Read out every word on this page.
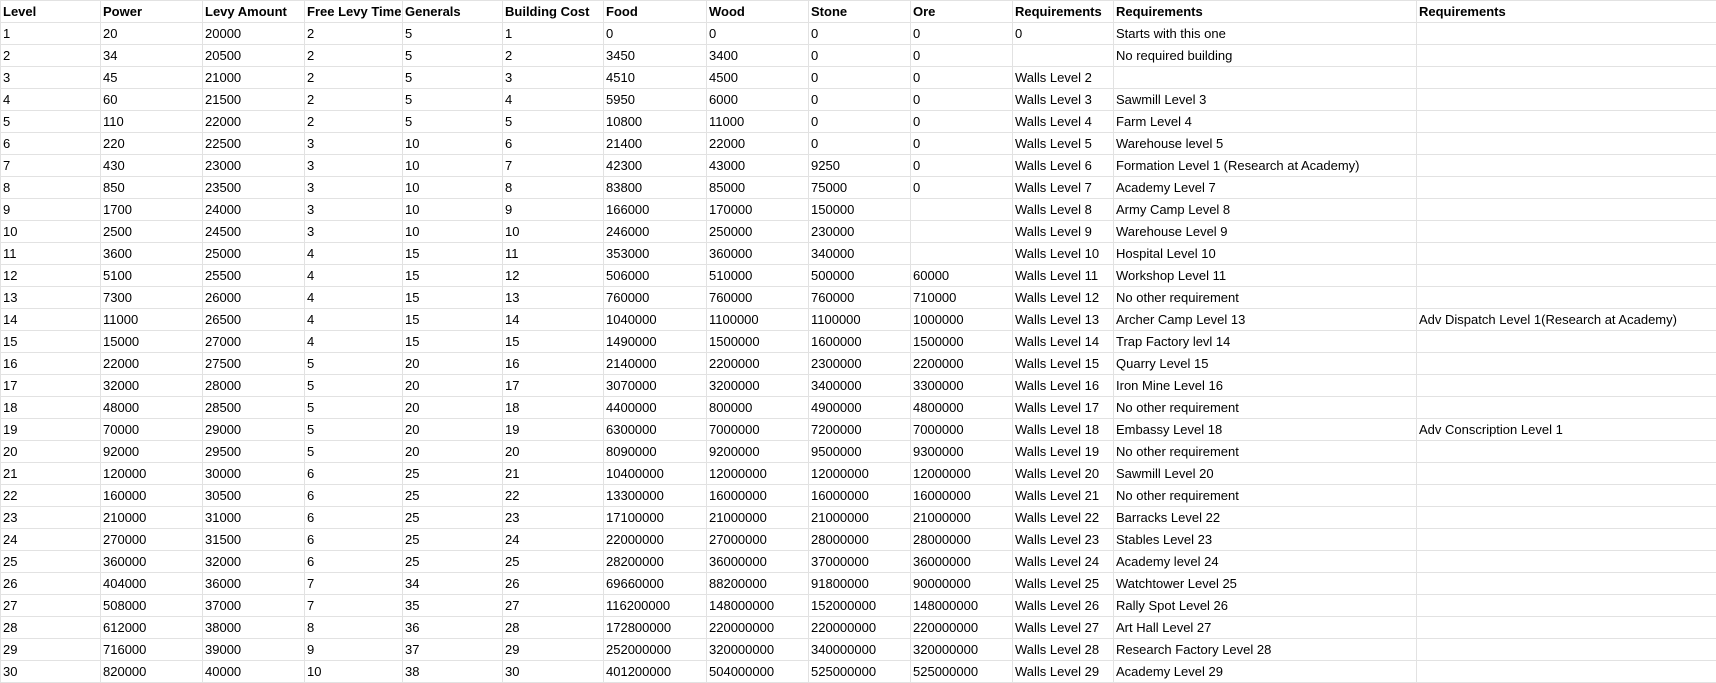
Level	Power	Levy Amount	Free Levy Time	Generals	Building Cost	Food	Wood	Stone	Ore	Requirements	Requirements	Requirements
1	20	20000	2	5	1	0	0	0	0	0	Starts with this one	
2	34	20500	2	5	2	3450	3400	0	0		No required building	
3	45	21000	2	5	3	4510	4500	0	0	Walls Level 2		
4	60	21500	2	5	4	5950	6000	0	0	Walls Level 3	Sawmill Level 3	
5	110	22000	2	5	5	10800	11000	0	0	Walls Level 4	Farm Level 4	
6	220	22500	3	10	6	21400	22000	0	0	Walls Level 5	Warehouse level 5	
7	430	23000	3	10	7	42300	43000	9250	0	Walls Level 6	Formation Level 1 (Research at Academy)	
8	850	23500	3	10	8	83800	85000	75000	0	Walls Level 7	Academy Level 7	
9	1700	24000	3	10	9	166000	170000	150000		Walls Level 8	Army Camp Level 8	
10	2500	24500	3	10	10	246000	250000	230000		Walls Level 9	Warehouse Level 9	
11	3600	25000	4	15	11	353000	360000	340000		Walls Level 10	Hospital Level 10	
12	5100	25500	4	15	12	506000	510000	500000	60000	Walls Level 11	Workshop Level 11	
13	7300	26000	4	15	13	760000	760000	760000	710000	Walls Level 12	No other requirement	
14	11000	26500	4	15	14	1040000	1100000	1100000	1000000	Walls Level 13	Archer Camp Level 13	Adv Dispatch Level 1(Research at Academy)
15	15000	27000	4	15	15	1490000	1500000	1600000	1500000	Walls Level 14	Trap Factory levl 14	
16	22000	27500	5	20	16	2140000	2200000	2300000	2200000	Walls Level 15	Quarry Level 15	
17	32000	28000	5	20	17	3070000	3200000	3400000	3300000	Walls Level 16	Iron Mine Level 16	
18	48000	28500	5	20	18	4400000	800000	4900000	4800000	Walls Level 17	No other requirement	
19	70000	29000	5	20	19	6300000	7000000	7200000	7000000	Walls Level 18	Embassy Level 18	Adv Conscription Level 1
20	92000	29500	5	20	20	8090000	9200000	9500000	9300000	Walls Level 19	No other requirement	
21	120000	30000	6	25	21	10400000	12000000	12000000	12000000	Walls Level 20	Sawmill Level 20	
22	160000	30500	6	25	22	13300000	16000000	16000000	16000000	Walls Level 21	No other requirement	
23	210000	31000	6	25	23	17100000	21000000	21000000	21000000	Walls Level 22	Barracks Level 22	
24	270000	31500	6	25	24	22000000	27000000	28000000	28000000	Walls Level 23	Stables Level 23	
25	360000	32000	6	25	25	28200000	36000000	37000000	36000000	Walls Level 24	Academy level 24	
26	404000	36000	7	34	26	69660000	88200000	91800000	90000000	Walls Level 25	Watchtower Level 25	
27	508000	37000	7	35	27	116200000	148000000	152000000	148000000	Walls Level 26	Rally Spot Level 26	
28	612000	38000	8	36	28	172800000	220000000	220000000	220000000	Walls Level 27	Art Hall Level 27	
29	716000	39000	9	37	29	252000000	320000000	340000000	320000000	Walls Level 28	Research Factory Level 28	
30	820000	40000	10	38	30	401200000	504000000	525000000	525000000	Walls Level 29	Academy Level 29	
